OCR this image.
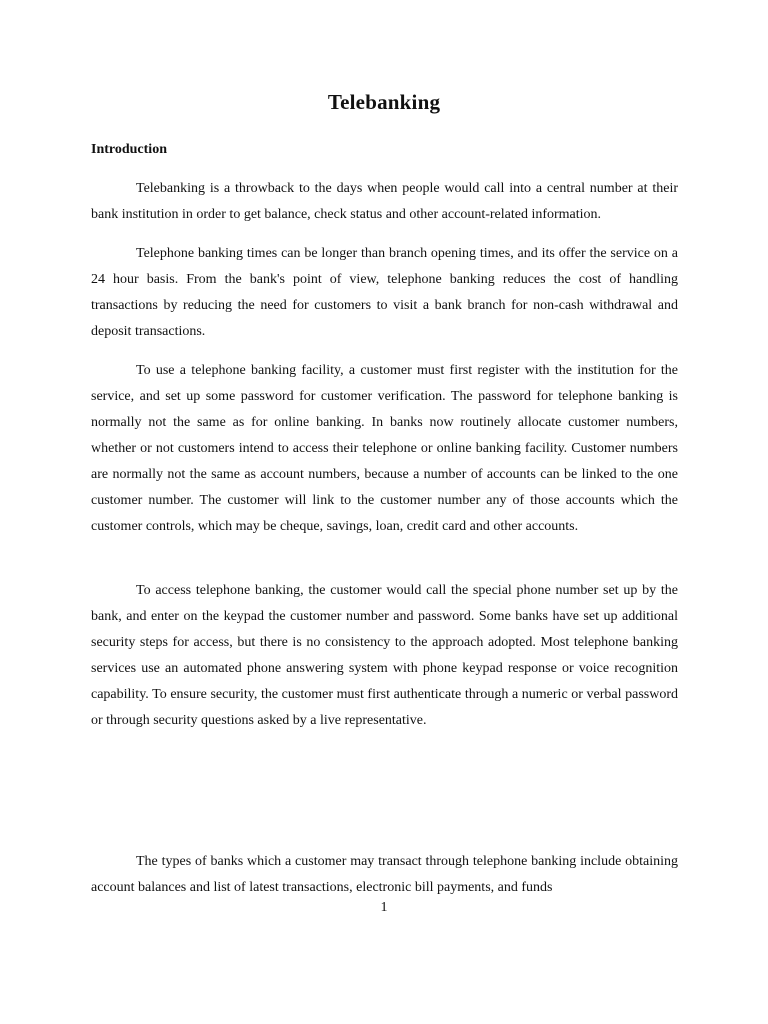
Telebanking
Introduction

Telebanking is a throwback to the days when people would call into a central number at their bank institution in order to get balance, check status and other account-related information.

Telephone banking times can be longer than branch opening times, and its offer the service on a 24 hour basis. From the bank's point of view, telephone banking reduces the cost of handling transactions by reducing the need for customers to visit a bank branch for non-cash withdrawal and deposit transactions.

To use a telephone banking facility, a customer must first register with the institution for the service, and set up some password for customer verification. The password for telephone banking is normally not the same as for online banking. In banks now routinely allocate customer numbers, whether or not customers intend to access their telephone or online banking facility. Customer numbers are normally not the same as account numbers, because a number of accounts can be linked to the one customer number. The customer will link to the customer number any of those accounts which the customer controls, which may be cheque, savings, loan, credit card and other accounts.

To access telephone banking, the customer would call the special phone number set up by the bank, and enter on the keypad the customer number and password. Some banks have set up additional security steps for access, but there is no consistency to the approach adopted. Most telephone banking services use an automated phone answering system with phone keypad response or voice recognition capability. To ensure security, the customer must first authenticate through a numeric or verbal password or through security questions asked by a live representative.

The types of banks which a customer may transact through telephone banking include obtaining account balances and list of latest transactions, electronic bill payments, and funds

1
